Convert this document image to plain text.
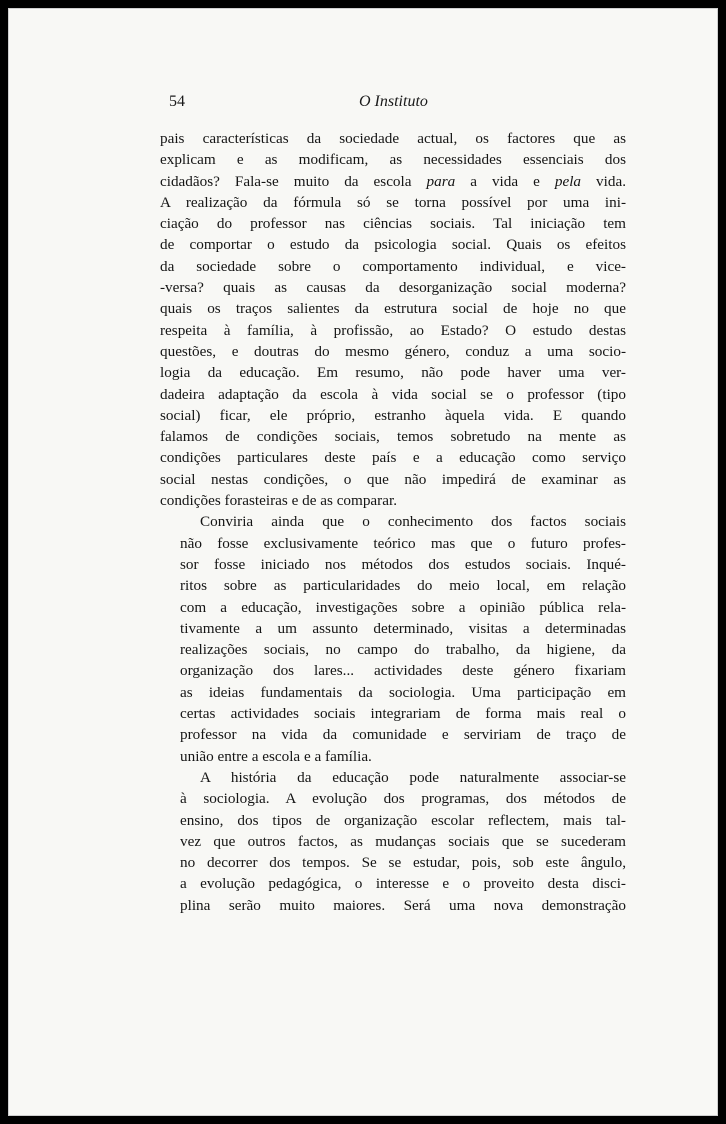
54	O Instituto
pais características da sociedade actual, os factores que as
explicam e as modificam, as necessidades essenciais dos
cidadãos? Fala-se muito da escola para a vida e pela vida.
A realização da fórmula só se torna possível por uma ini-
ciação do professor nas ciências sociais. Tal iniciação tem
de comportar o estudo da psicologia social. Quais os efeitos
da sociedade sobre o comportamento individual, e vice-
-versa? quais as causas da desorganização social moderna?
quais os traços salientes da estrutura social de hoje no que
respeita à família, à profissão, ao Estado? O estudo destas
questões, e doutras do mesmo género, conduz a uma socio-
logia da educação. Em resumo, não pode haver uma ver-
dadeira adaptação da escola à vida social se o professor (tipo
social) ficar, ele próprio, estranho àquela vida. E quando
falamos de condições sociais, temos sobretudo na mente as
condições particulares deste país e a educação como serviço
social nestas condições, o que não impedirá de examinar as
condições forasteiras e de as comparar.
Conviria ainda que o conhecimento dos factos sociais
não fosse exclusivamente teórico mas que o futuro profes-
sor fosse iniciado nos métodos dos estudos sociais. Inqué-
ritos sobre as particularidades do meio local, em relação
com a educação, investigações sobre a opinião pública rela-
tivamente a um assunto determinado, visitas a determinadas
realizações sociais, no campo do trabalho, da higiene, da
organização dos lares... actividades deste género fixariam
as ideias fundamentais da sociologia. Uma participação em
certas actividades sociais integrariam de forma mais real o
professor na vida da comunidade e serviriam de traço de
união entre a escola e a família.
A história da educação pode naturalmente associar-se
à sociologia. A evolução dos programas, dos métodos de
ensino, dos tipos de organização escolar reflectem, mais tal-
vez que outros factos, as mudanças sociais que se sucederam
no decorrer dos tempos. Se se estudar, pois, sob este ângulo,
a evolução pedagógica, o interesse e o proveito desta disci-
plina serão muito maiores. Será uma nova demonstração
